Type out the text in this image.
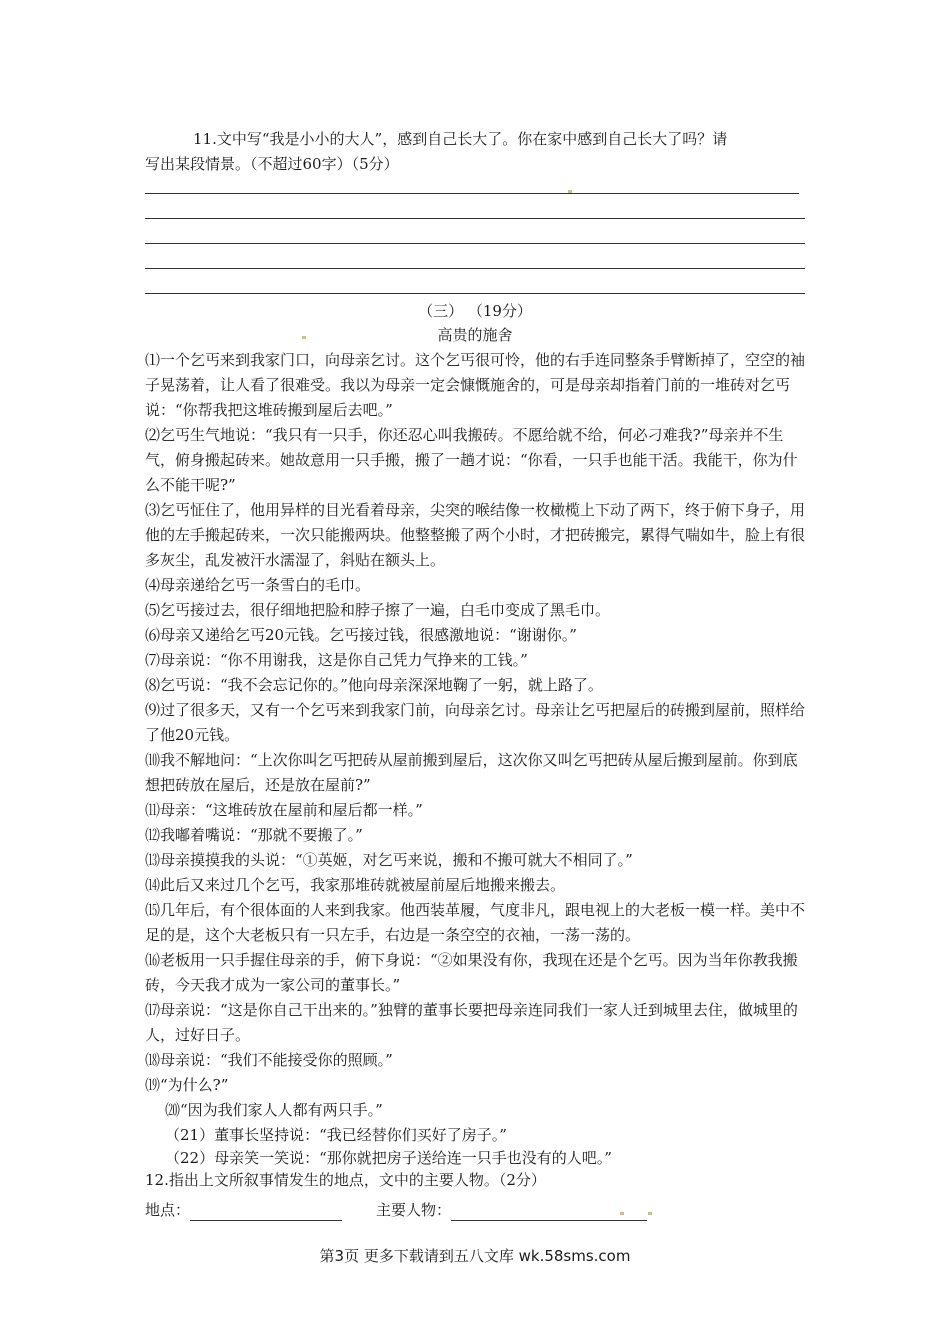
11.文中写“我是小小的大人”，感到自己长大了。你在家中感到自己长大了吗？请
写出某段情景。（不超过60字）（5分）
（三） （19分）
高贵的施舍
⑴一个乞丐来到我家门口，向母亲乞讨。这个乞丐很可怜，他的右手连同整条手臂断掉了，空空的袖子晃荡着，让人看了很难受。我以为母亲一定会慷慨施舍的，可是母亲却指着门前的一堆砖对乞丐说：“你帮我把这堆砖搬到屋后去吧。”
⑵乞丐生气地说：“我只有一只手，你还忍心叫我搬砖。不愿给就不给，何必刁难我?”母亲并不生气，俯身搬起砖来。她故意用一只手搬，搬了一趟才说：“你看，一只手也能干活。我能干，你为什么不能干呢?”
⑶乞丐怔住了，他用异样的目光看着母亲，尖突的喉结像一枚橄榄上下动了两下，终于俯下身子，用他的左手搬起砖来，一次只能搬两块。他整整搬了两个小时，才把砖搬完，累得气喘如牛，脸上有很多灰尘，乱发被汗水濡湿了，斜贴在额头上。
⑷母亲递给乞丐一条雪白的毛巾。
⑸乞丐接过去，很仔细地把脸和脖子擦了一遍，白毛巾变成了黑毛巾。
⑹母亲又递给乞丐20元钱。乞丐接过钱，很感激地说：“谢谢你。”
⑺母亲说：“你不用谢我，这是你自己凭力气挣来的工钱。”
⑻乞丐说：“我不会忘记你的。”他向母亲深深地鞠了一躬，就上路了。
⑼过了很多天，又有一个乞丐来到我家门前，向母亲乞讨。母亲让乞丐把屋后的砖搬到屋前，照样给了他20元钱。
⑽我不解地问：“上次你叫乞丐把砖从屋前搬到屋后，这次你又叫乞丐把砖从屋后搬到屋前。你到底想把砖放在屋后，还是放在屋前?”
⑾母亲：“这堆砖放在屋前和屋后都一样。”
⑿我嘟着嘴说：“那就不要搬了。”
⒀母亲摸摸我的头说：“①英姬，对乞丐来说，搬和不搬可就大不相同了。”
⒁此后又来过几个乞丐，我家那堆砖就被屋前屋后地搬来搬去。
⒂几年后，有个很体面的人来到我家。他西装革履，气度非凡，跟电视上的大老板一模一样。美中不足的是，这个大老板只有一只左手，右边是一条空空的衣袖，一荡一荡的。
⒃老板用一只手握住母亲的手，俯下身说：“②如果没有你，我现在还是个乞丐。因为当年你教我搬砖，今天我才成为一家公司的董事长。”
⒄母亲说：“这是你自己干出来的。”独臂的董事长要把母亲连同我们一家人迁到城里去住，做城里的人，过好日子。
⒅母亲说：“我们不能接受你的照顾。”
⒆“为什么?”
⒇“因为我们家人人都有两只手。”
（21）董事长坚持说：“我已经替你们买好了房子。”
（22）母亲笑一笑说：“那你就把房子送给连一只手也没有的人吧。”
12.指出上文所叙事情发生的地点，文中的主要人物。（2分）
地点：	主要人物：
第3页 更多下载请到五八文库 wk.58sms.com
